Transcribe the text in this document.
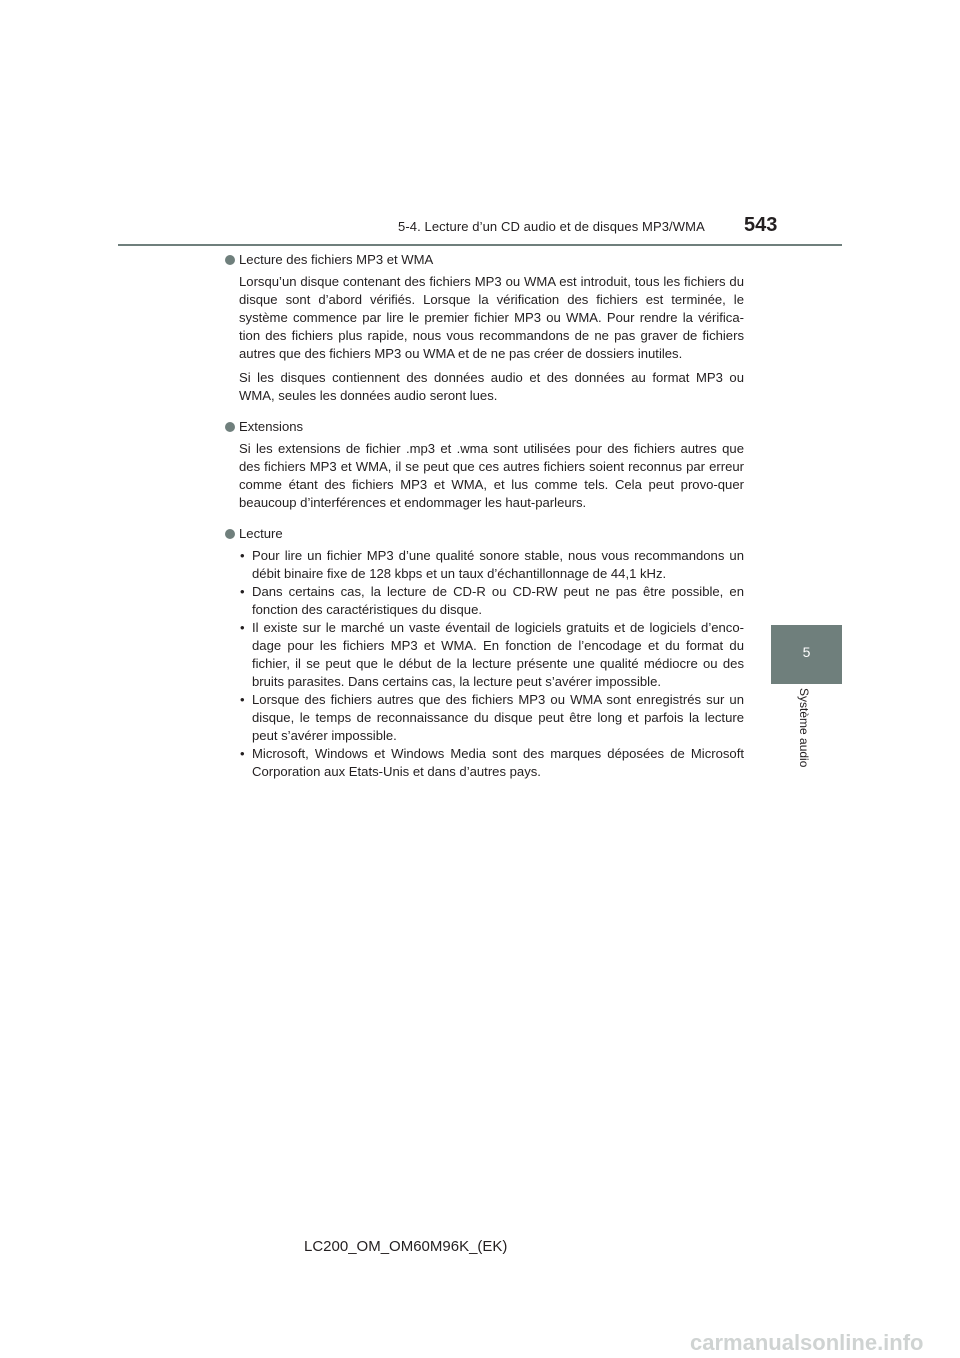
5-4. Lecture d’un CD audio et de disques MP3/WMA 543
5
Système audio
Lecture des fichiers MP3 et WMA

Lorsqu’un disque contenant des fichiers MP3 ou WMA est introduit, tous les fichiers du disque sont d’abord vérifiés. Lorsque la vérification des fichiers est terminée, le système commence par lire le premier fichier MP3 ou WMA. Pour rendre la vérifica-tion des fichiers plus rapide, nous vous recommandons de ne pas graver de fichiers autres que des fichiers MP3 ou WMA et de ne pas créer de dossiers inutiles.

Si les disques contiennent des données audio et des données au format MP3 ou WMA, seules les données audio seront lues.

Extensions

Si les extensions de fichier .mp3 et .wma sont utilisées pour des fichiers autres que des fichiers MP3 et WMA, il se peut que ces autres fichiers soient reconnus par erreur comme étant des fichiers MP3 et WMA, et lus comme tels. Cela peut provo-quer beaucoup d’interférences et endommager les haut-parleurs.

Lecture
• Pour lire un fichier MP3 d’une qualité sonore stable, nous vous recommandons un débit binaire fixe de 128 kbps et un taux d’échantillonnage de 44,1 kHz.
• Dans certains cas, la lecture de CD-R ou CD-RW peut ne pas être possible, en fonction des caractéristiques du disque.
• Il existe sur le marché un vaste éventail de logiciels gratuits et de logiciels d’enco-dage pour les fichiers MP3 et WMA. En fonction de l’encodage et du format du fichier, il se peut que le début de la lecture présente une qualité médiocre ou des bruits parasites. Dans certains cas, la lecture peut s’avérer impossible.
• Lorsque des fichiers autres que des fichiers MP3 ou WMA sont enregistrés sur un disque, le temps de reconnaissance du disque peut être long et parfois la lecture peut s’avérer impossible.
• Microsoft, Windows et Windows Media sont des marques déposées de Microsoft Corporation aux Etats-Unis et dans d’autres pays.
LC200_OM_OM60M96K_(EK)
carmanualsonline.info
